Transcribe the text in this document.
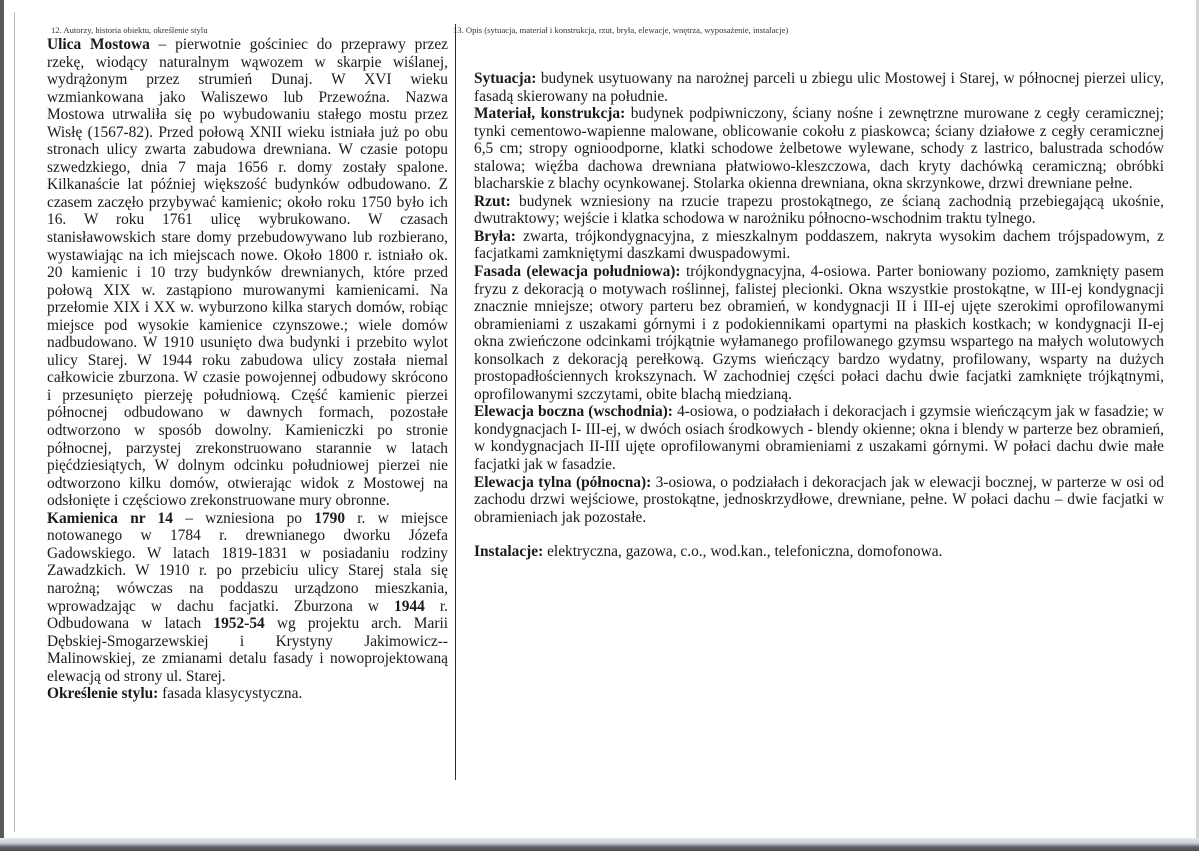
12. Autorzy, historia obiektu, określenie stylu

Ulica Mostowa – pierwotnie gościniec do przeprawy przez rzekę, wiodący naturalnym wąwozem w skarpie wiślanej, wydrążonym przez strumień Dunaj. W XVI wieku wzmiankowana jako Waliszewo lub Przewoźna. Nazwa Mostowa utrwaliła się po wybudowaniu stałego mostu przez Wisłę (1567-82). Przed połową XNII wieku istniała już po obu stronach ulicy zwarta zabudowa drewniana. W czasie potopu szwedzkiego, dnia 7 maja 1656 r. domy zostały spalone. Kilkanaście lat później większość budynków odbudowano. Z czasem zaczęło przybywać kamienic; około roku 1750 było ich 16. W roku 1761 ulicę wybrukowano. W czasach stanisławowskich stare domy przebudowywano lub rozbierano, wystawiając na ich miejscach nowe. Około 1800 r. istniało ok. 20 kamienic i 10 trzy budynków drewnianych, które przed połową XIX w. zastąpiono murowanymi kamienicami. Na przełomie XIX i XX w. wyburzono kilka starych domów, robiąc miejsce pod wysokie kamienice czynszowe.; wiele domów nadbudowano. W 1910 usunięto dwa budynki i przebito wylot ulicy Starej. W 1944 roku zabudowa ulicy została niemal całkowicie zburzona. W czasie powojennej odbudowy skrócono i przesunięto pierzeję południową. Część kamienic pierzei północnej odbudowano w dawnych formach, pozostałe odtworzono w sposób dowolny. Kamieniczki po stronie północnej, parzystej zrekonstruowano starannie w latach pięćdziesiątych, W dolnym odcinku południowej pierzei nie odtworzono kilku domów, otwierając widok z Mostowej na odsłonięte i częściowo zrekonstruowane mury obronne.

Kamienica nr 14 – wzniesiona po 1790 r. w miejsce notowanego w 1784 r. drewnianego dworku Józefa Gadowskiego. W latach 1819-1831 w posiadaniu rodziny Zawadzkich. W 1910 r. po przebiciu ulicy Starej stala się narożną; wówczas na poddaszu urządzono mieszkania, wprowadzając w dachu facjatki. Zburzona w 1944 r. Odbudowana w latach 1952-54 wg projektu arch. Marii Dębskiej-Smogarzewskiej i Krystyny Jakimowicz--Malinowskiej, ze zmianami detalu fasady i nowoprojektowaną elewacją od strony ul. Starej.

Określenie stylu: fasada klasycystyczna.

13. Opis (sytuacja, materiał i konstrukcja, rzut, bryła, elewacje, wnętrza, wyposażenie, instalacje)

Sytuacja: budynek usytuowany na narożnej parceli u zbiegu ulic Mostowej i Starej, w północnej pierzei ulicy, fasadą skierowany na południe.

Materiał, konstrukcja: budynek podpiwniczony, ściany nośne i zewnętrzne murowane z cegły ceramicznej; tynki cementowo-wapienne malowane, oblicowanie cokołu z piaskowca; ściany działowe z cegły ceramicznej 6,5 cm; stropy ognioodporne, klatki schodowe żelbetowe wylewane, schody z lastrico, balustrada schodów stalowa; więźba dachowa drewniana płatwiowo-kleszczowa, dach kryty dachówką ceramiczną; obróbki blacharskie z blachy ocynkowanej. Stolarka okienna drewniana, okna skrzynkowe, drzwi drewniane pełne.

Rzut: budynek wzniesiony na rzucie trapezu prostokątnego, ze ścianą zachodnią przebiegającą ukośnie, dwutraktowy; wejście i klatka schodowa w narożniku północno-wschodnim traktu tylnego.

Bryła: zwarta, trójkondygnacyjna, z mieszkalnym poddaszem, nakryta wysokim dachem trójspadowym, z facjatkami zamkniętymi daszkami dwuspadowymi.

Fasada (elewacja południowa): trójkondygnacyjna, 4-osiowa. Parter boniowany poziomo, zamknięty pasem fryzu z dekoracją o motywach roślinnej, falistej plecionki. Okna wszystkie prostokątne, w III-ej kondygnacji znacznie mniejsze; otwory parteru bez obramień, w kondygnacji II i III-ej ujęte szerokimi oprofilowanymi obramieniami z uszakami górnymi i z podokiennikami opartymi na płaskich kostkach; w kondygnacji II-ej okna zwieńczone odcinkami trójkątnie wyłamanego profilowanego gzymsu wspartego na małych wolutowych konsolkach z dekoracją perełkową. Gzyms wieńczący bardzo wydatny, profilowany, wsparty na dużych prostopadłościennych krokszynach. W zachodniej części połaci dachu dwie facjatki zamknięte trójkątnymi, oprofilowanymi szczytami, obite blachą miedzianą.

Elewacja boczna (wschodnia): 4-osiowa, o podziałach i dekoracjach i gzymsie wieńczącym jak w fasadzie; w kondygnacjach I- III-ej, w dwóch osiach środkowych - blendy okienne; okna i blendy w parterze bez obramień, w kondygnacjach II-III ujęte oprofilowanymi obramieniami z uszakami górnymi. W połaci dachu dwie małe facjatki jak w fasadzie.

Elewacja tylna (północna): 3-osiowa, o podziałach i dekoracjach jak w elewacji bocznej, w parterze w osi od zachodu drzwi wejściowe, prostokątne, jednoskrzydłowe, drewniane, pełne. W połaci dachu – dwie facjatki w obramieniach jak pozostałe.

Instalacje: elektryczna, gazowa, c.o., wod.kan., telefoniczna, domofonowa.
